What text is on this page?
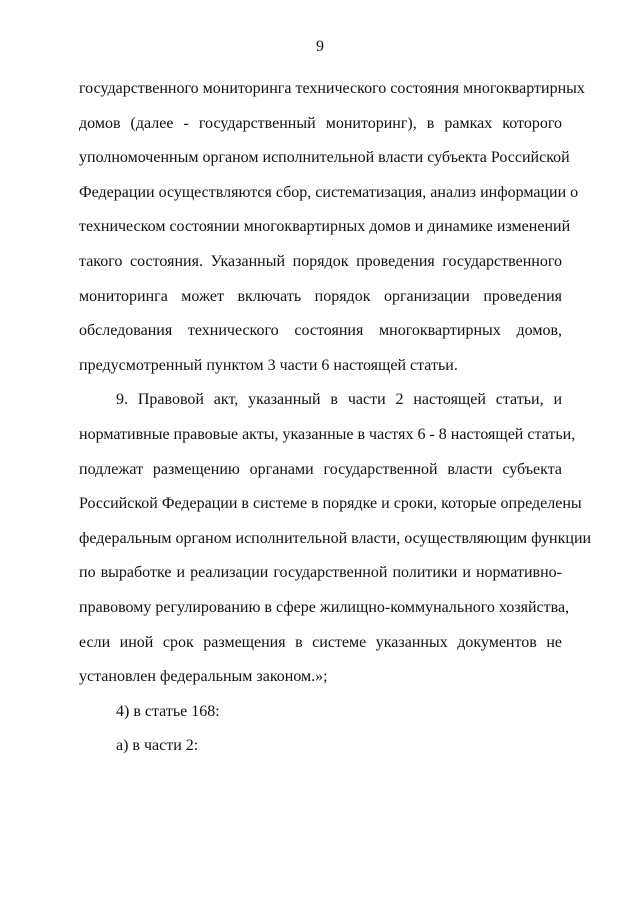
9
государственного мониторинга технического состояния многоквартирных
домов (далее - государственный мониторинг), в рамках которого
уполномоченным органом исполнительной власти субъекта Российской
Федерации осуществляются сбор, систематизация, анализ информации о
техническом состоянии многоквартирных домов и динамике изменений
такого состояния. Указанный порядок проведения государственного
мониторинга может включать порядок организации проведения
обследования технического состояния многоквартирных домов,
предусмотренный пунктом 3 части 6 настоящей статьи.
9. Правовой акт, указанный в части 2 настоящей статьи, и
нормативные правовые акты, указанные в частях 6 - 8 настоящей статьи,
подлежат размещению органами государственной власти субъекта
Российской Федерации в системе в порядке и сроки, которые определены
федеральным органом исполнительной власти, осуществляющим функции
по выработке и реализации государственной политики и нормативно-
правовому регулированию в сфере жилищно-коммунального хозяйства,
если иной срок размещения в системе указанных документов не
установлен федеральным законом.»;
4) в статье 168:
а) в части 2:
